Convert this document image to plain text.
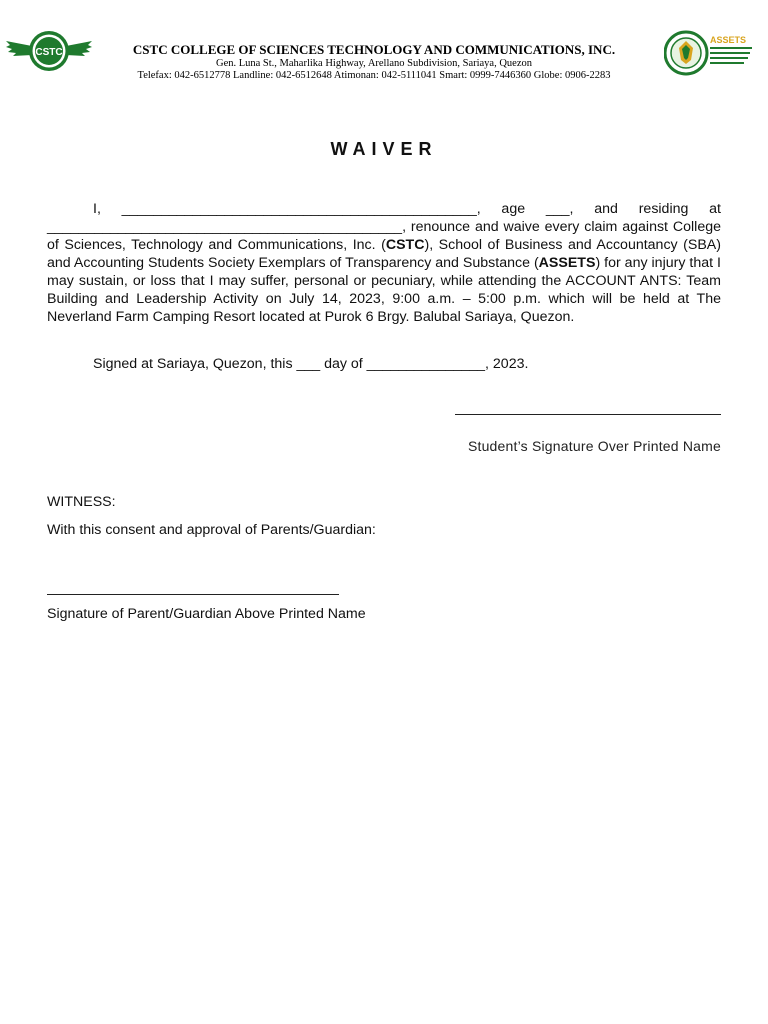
CSTC	CSTC COLLEGE OF SCIENCES TECHNOLOGY AND COMMUNICATIONS, INC.
Gen. Luna St., Maharlika Highway, Arellano Subdivision, Sariaya, Quezon
Telefax: 042-6512778 Landline: 042-6512648 Atimonan: 042-5111041 Smart: 0999-7446360 Globe: 0906-2283
ASSETS
WAIVER

I, _____________________________________________, age ___, and residing at _____________________________________________, renounce and waive every claim against College of Sciences, Technology and Communications, Inc. (CSTC), School of Business and Accountancy (SBA) and Accounting Students Society Exemplars of Transparency and Substance (ASSETS) for any injury that I may sustain, or loss that I may suffer, personal or pecuniary, while attending the ACCOUNT ANTS: Team Building and Leadership Activity on July 14, 2023, 9:00 a.m. – 5:00 p.m. which will be held at The Neverland Farm Camping Resort located at Purok 6 Brgy. Balubal Sariaya, Quezon.

Signed at Sariaya, Quezon, this ___ day of _______________, 2023.
Student’s Signature Over Printed Name
WITNESS:
With this consent and approval of Parents/Guardian:
Signature of Parent/Guardian Above Printed Name
